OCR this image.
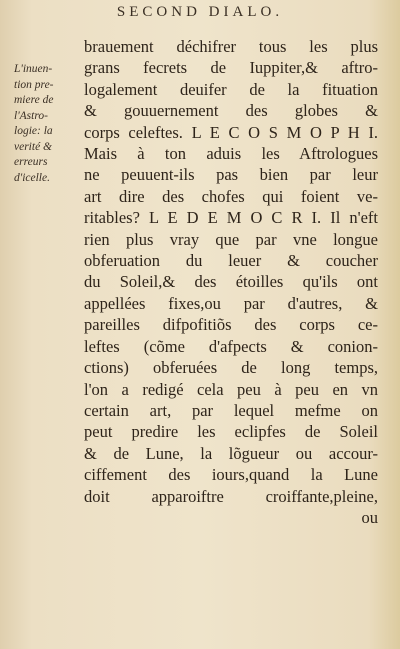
SECOND DIALO.
L'inuen-
tion pre-
miere de
l'Astro-
logie: la
verité &
erreurs
d'icelle.
brauement déchifrer tous les plus
grans fecrets de Iuppiter,& aftro-
logalement deuifer de la fituation
& gouuernement des globes &
corps celeftes. L E C O S M O P H I.
Mais à ton aduis les Aftrologues
ne peuuent-ils pas bien par leur
art dire des chofes qui foient ve-
ritables? L E D E M O C R I. Il n'eft
rien plus vray que par vne longue
obferuation du leuer & coucher
du Soleil,& des étoilles qu'ils ont
appellées fixes,ou par d'autres, &
pareilles difpofitiõs des corps ce-
leftes (cõme d'afpects & conion-
ctions) obferuées de long temps,
l'on a redigé cela peu à peu en vn
certain art, par lequel mefme on
peut predire les eclipfes de Soleil
& de Lune, la lõgueur ou accour-
ciffement des iours,quand la Lune
doit apparoiftre croiffante,pleine,
ou
